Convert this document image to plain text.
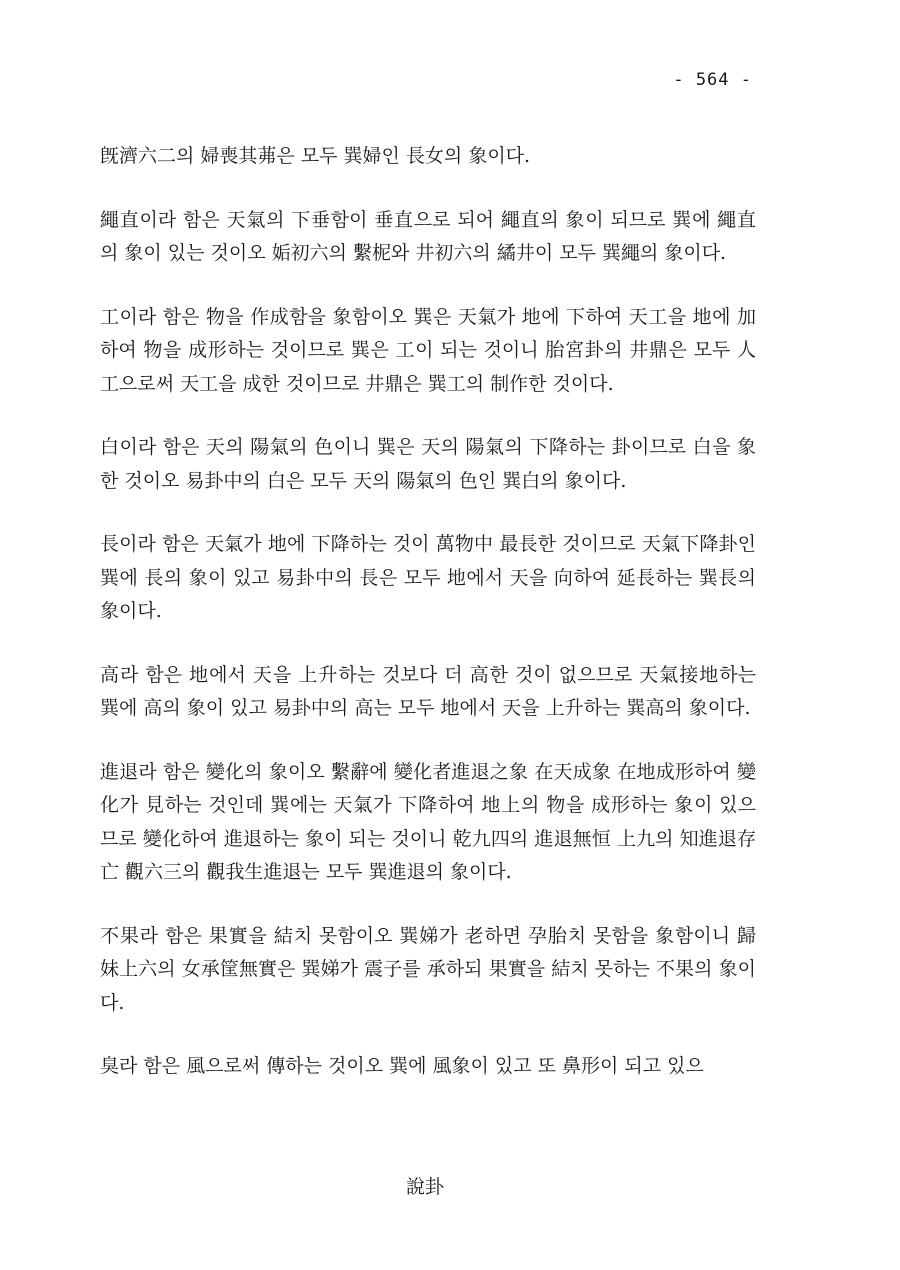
- 564 -

旣濟六二의 婦喪其茀은 모두 巽婦인 長女의 象이다.

繩直이라 함은 天氣의 下垂함이 垂直으로 되어 繩直의 象이 되므로 巽에 繩直의 象이 있는 것이오 姤初六의 繫柅와 井初六의 繘井이 모두 巽繩의 象이다.

工이라 함은 物을 作成함을 象함이오 巽은 天氣가 地에 下하여 天工을 地에 加하여 物을 成形하는 것이므로 巽은 工이 되는 것이니 胎宮卦의 井鼎은 모두 人工으로써 天工을 成한 것이므로 井鼎은 巽工의 制作한 것이다.

白이라 함은 天의 陽氣의 色이니 巽은 天의 陽氣의 下降하는 卦이므로 白을 象한 것이오 易卦中의 白은 모두 天의 陽氣의 色인 巽白의 象이다.

長이라 함은 天氣가 地에 下降하는 것이 萬物中 最長한 것이므로 天氣下降卦인 巽에 長의 象이 있고 易卦中의 長은 모두 地에서 天을 向하여 延長하는 巽長의 象이다.

高라 함은 地에서 天을 上升하는 것보다 더 高한 것이 없으므로 天氣接地하는 巽에 高의 象이 있고 易卦中의 高는 모두 地에서 天을 上升하는 巽高의 象이다.

進退라 함은 變化의 象이오 繫辭에 變化者進退之象 在天成象 在地成形하여 變化가 見하는 것인데 巽에는 天氣가 下降하여 地上의 物을 成形하는 象이 있으므로 變化하여 進退하는 象이 되는 것이니 乾九四의 進退無恒 上九의 知進退存亡 觀六三의 觀我生進退는 모두 巽進退의 象이다.

不果라 함은 果實을 結치 못함이오 巽娣가 老하면 孕胎치 못함을 象함이니 歸妹上六의 女承筐無實은 巽娣가 震子를 承하되 果實을 結치 못하는 不果의 象이다.

臭라 함은 風으로써 傳하는 것이오 巽에 風象이 있고 또 鼻形이 되고 있으

說卦
